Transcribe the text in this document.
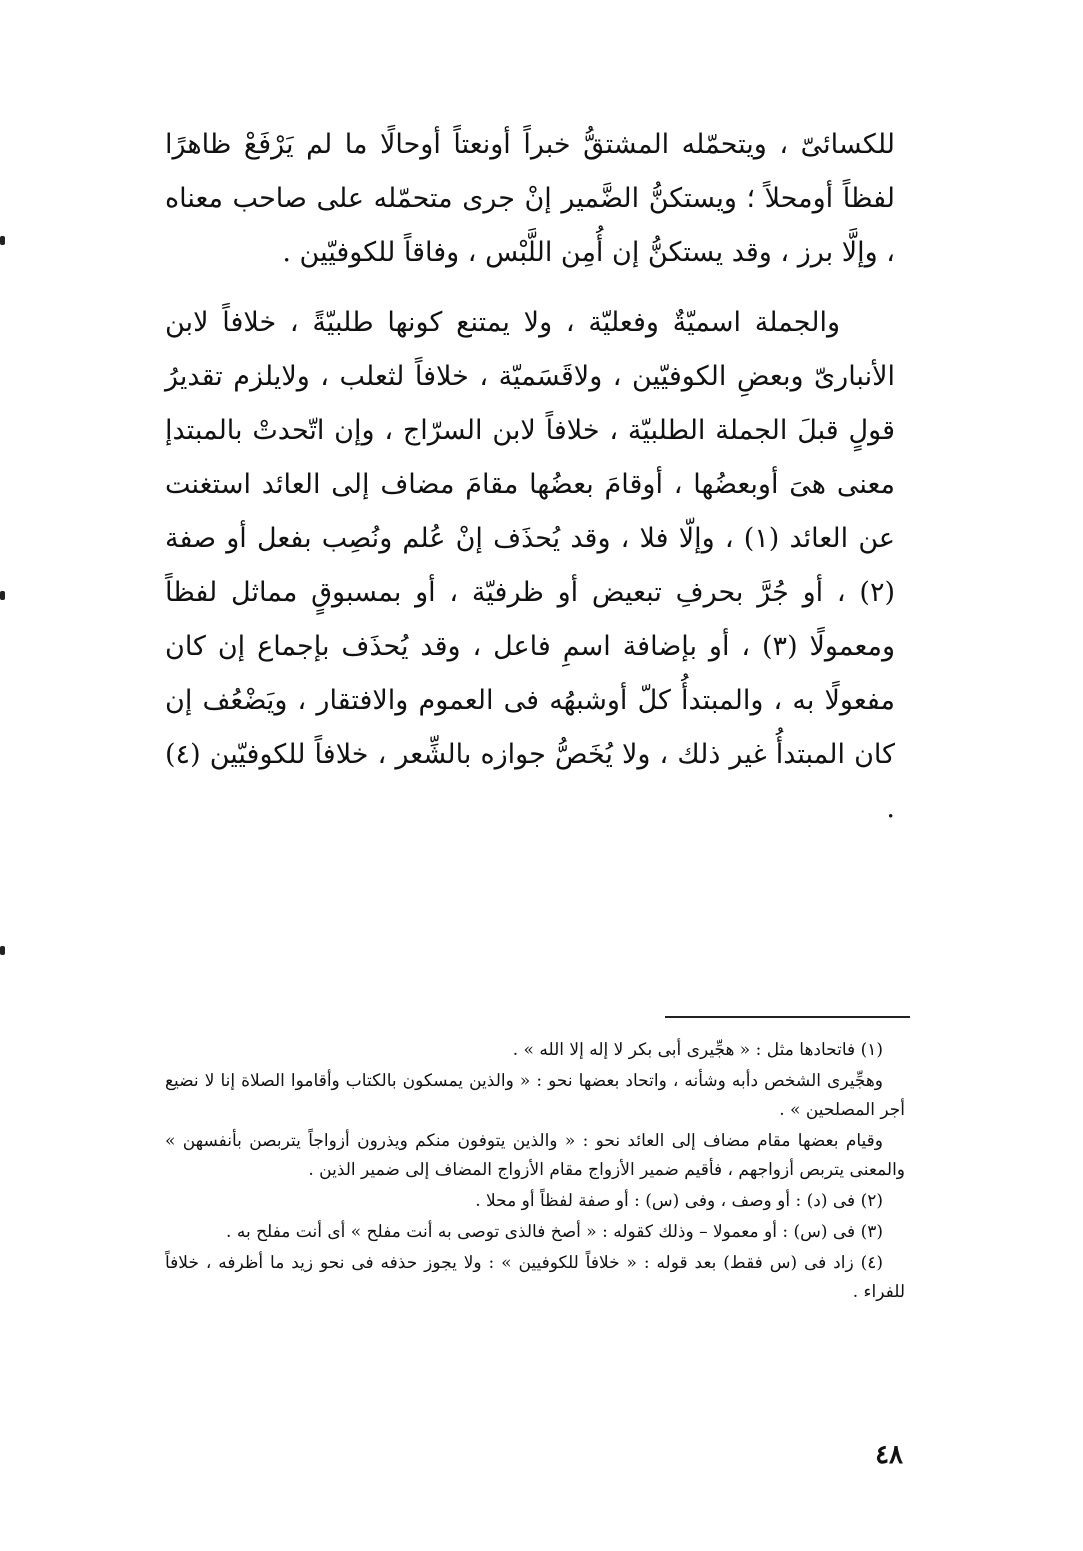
للكسائىّ ، ويتحمّله المشتقُّ خبراً أونعتاً أوحالًا ما لم يَرْفَعْ ظاهرًا لفظاً أومحلاً ؛ ويستكنُّ الضَّمير إنْ جرى متحمّله على صاحب معناه ، وإلَّا برز ، وقد يستكنُّ إن أُمِن اللَّبْس ، وفاقاً للكوفيّين .

والجملة اسميّةٌ وفعليّة ، ولا يمتنع كونها طلبيّةً ، خلافاً لابن الأنبارىّ وبعضِ الكوفيّين ، ولاقَسَميّة ، خلافاً لثعلب ، ولايلزم تقديرُ قولٍ قبلَ الجملة الطلبيّة ، خلافاً لابن السرّاج ، وإن اتّحدتْ بالمبتدإ معنى هىَ أوبعضُها ، أوقامَ بعضُها مقامَ مضاف إلى العائد استغنت عن العائد (١) ، وإلّا فلا ، وقد يُحذَف إنْ عُلم ونُصِب بفعل أو صفة (٢) ، أو جُرَّ بحرفِ تبعيض أو ظرفيّة ، أو بمسبوقٍ مماثل لفظاً ومعمولًا (٣) ، أو بإضافة اسمِ فاعل ، وقد يُحذَف بإجماع إن كان مفعولًا به ، والمبتدأُ كلّ أوشبهُه فى العموم والافتقار ، ويَضْعُف إن كان المبتدأُ غير ذلك ، ولا يُخَصُّ جوازه بالشِّعر ، خلافاً للكوفيّين (٤) .

(١) فاتحادها مثل : « هجِّيرى أبى بكر لا إله إلا الله » .

وهجِّيرى الشخص دأبه وشأنه ، واتحاد بعضها نحو : « والذين يمسكون بالكتاب وأقاموا الصلاة إنا لا نضيع أجر المصلحين » .

وقيام بعضها مقام مضاف إلى العائد نحو : « والذين يتوفون منكم ويذرون أزواجاً يتربصن بأنفسهن » والمعنى يتربص أزواجهم ، فأقيم ضمير الأزواج مقام الأزواج المضاف إلى ضمير الذين .

(٢) فى (د) : أو وصف ، وفى (س) : أو صفة لفظاً أو محلا .

(٣) فى (س) : أو معمولا – وذلك كقوله : « أصخ فالذى توصى به أنت مفلح » أى أنت مفلح به .

(٤) زاد فى (س فقط) بعد قوله : « خلافاً للكوفيين » : ولا يجوز حذفه فى نحو زيد ما أظرفه ، خلافاً للفراء .

٤٨
